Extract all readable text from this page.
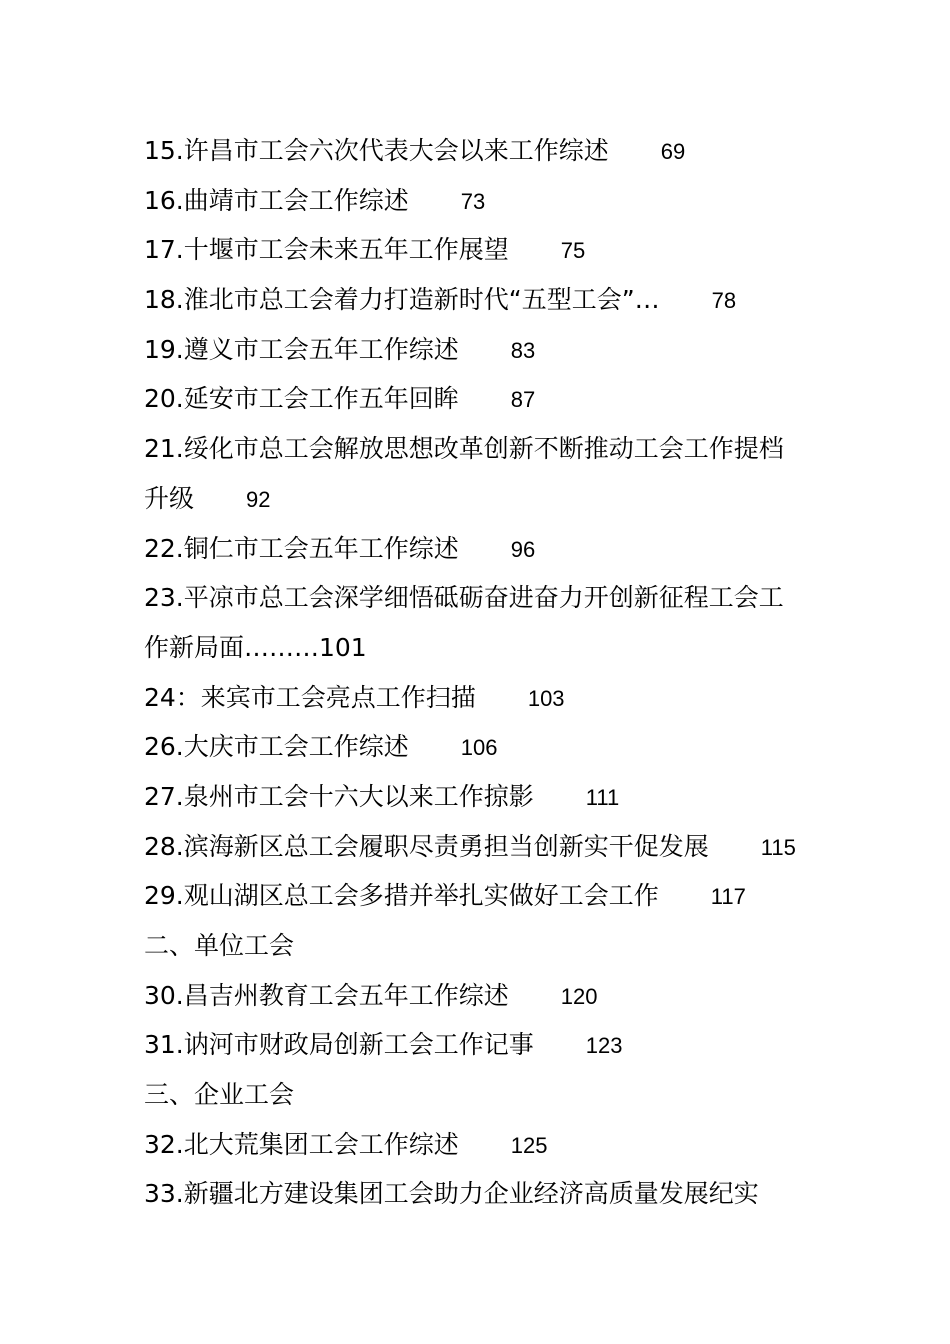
15.许昌市工会六次代表大会以来工作综述 69
16.曲靖市工会工作综述 73
17.十堰市工会未来五年工作展望 75
18.淮北市总工会着力打造新时代“五型工会”… 78
19.遵义市工会五年工作综述 83
20.延安市工会工作五年回眸 87
21.绥化市总工会解放思想改革创新不断推动工会工作提档
升级 92
22.铜仁市工会五年工作综述 96
23.平凉市总工会深学细悟砥砺奋进奋力开创新征程工会工
作新局面………101
24：来宾市工会亮点工作扫描 103
26.大庆市工会工作综述 106
27.泉州市工会十六大以来工作掠影 111
28.滨海新区总工会履职尽责勇担当创新实干促发展 115
29.观山湖区总工会多措并举扎实做好工会工作 117
二、单位工会
30.昌吉州教育工会五年工作综述 120
31.讷河市财政局创新工会工作记事 123
三、企业工会
32.北大荒集团工会工作综述 125
33.新疆北方建设集团工会助力企业经济高质量发展纪实
